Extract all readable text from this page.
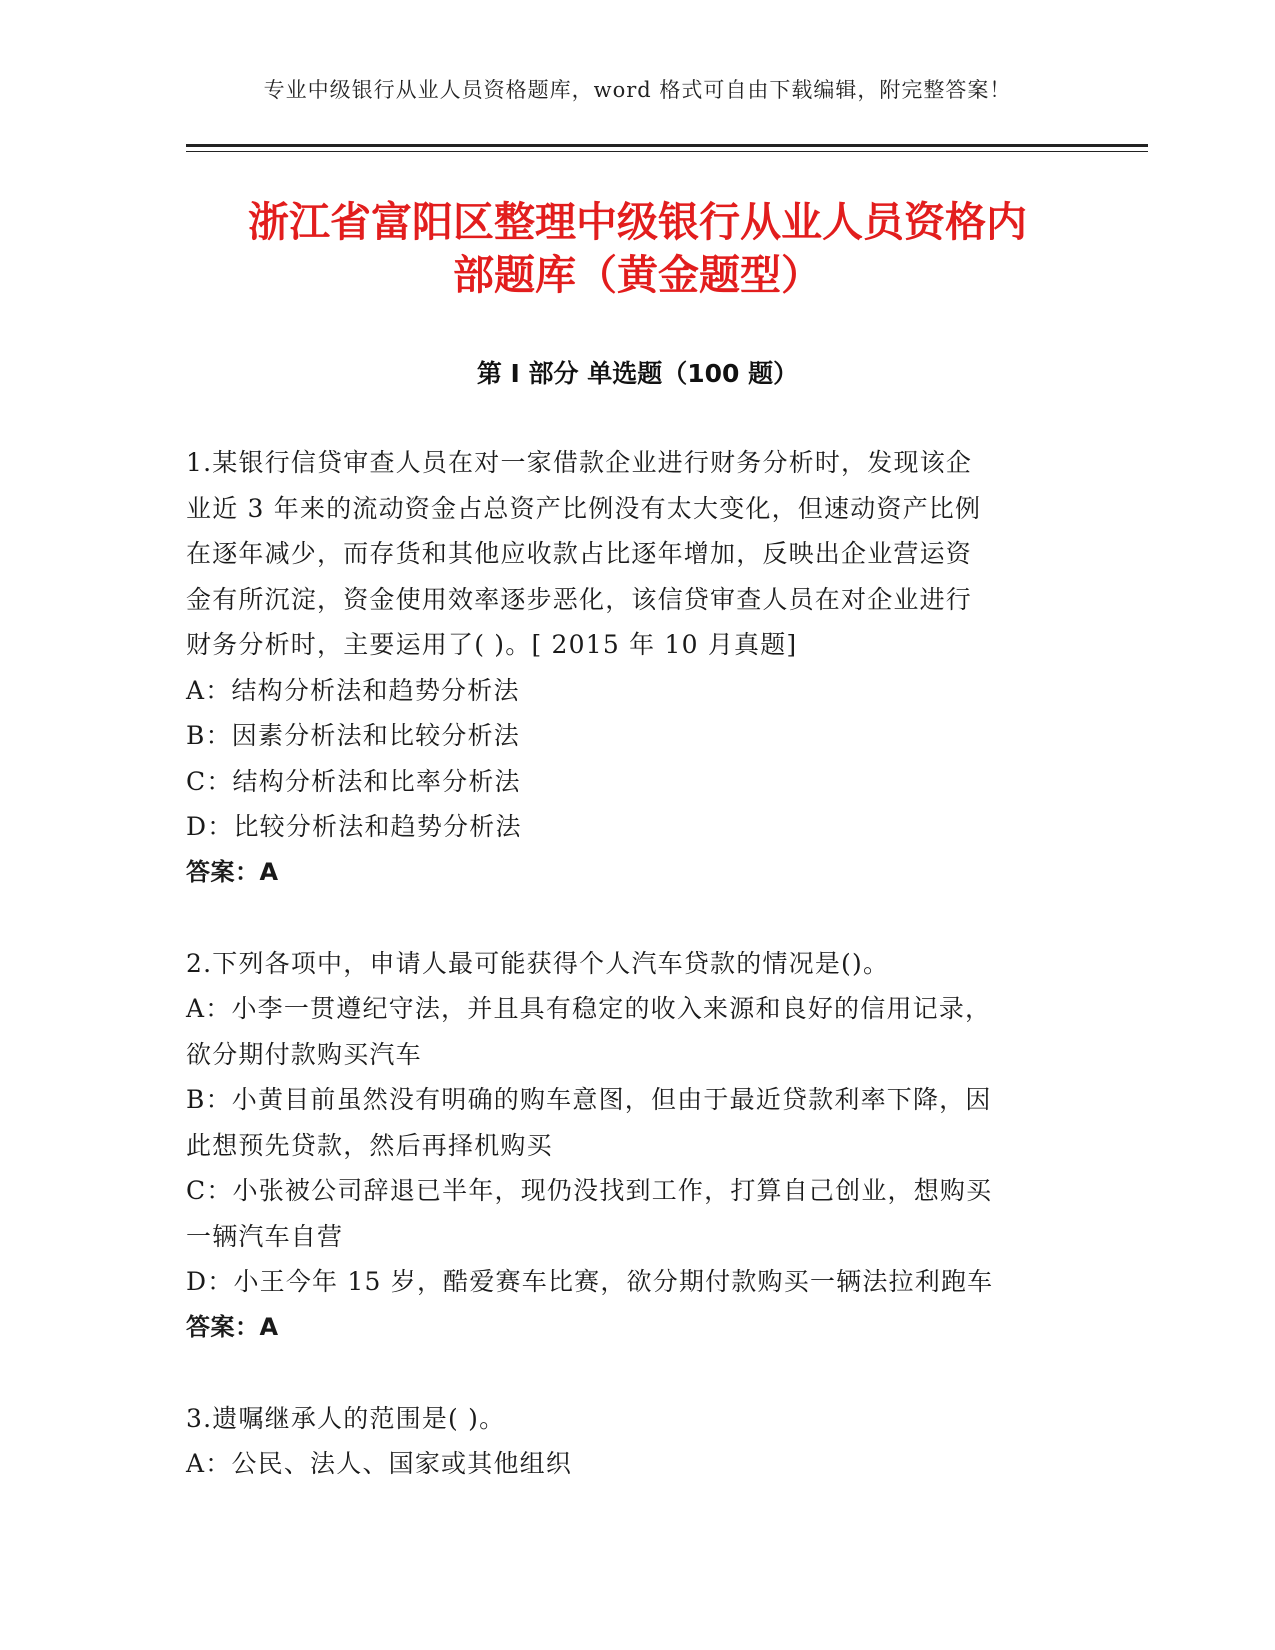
专业中级银行从业人员资格题库，word 格式可自由下载编辑，附完整答案！
浙江省富阳区整理中级银行从业人员资格内
部题库（黄金题型）
第 I 部分 单选题（100 题）
1.某银行信贷审查人员在对一家借款企业进行财务分析时，发现该企
业近 3 年来的流动资金占总资产比例没有太大变化，但速动资产比例
在逐年减少，而存货和其他应收款占比逐年增加，反映出企业营运资
金有所沉淀，资金使用效率逐步恶化，该信贷审查人员在对企业进行
财务分析时，主要运用了( )。[ 2015 年 10 月真题]
A：结构分析法和趋势分析法
B：因素分析法和比较分析法
C：结构分析法和比率分析法
D：比较分析法和趋势分析法
答案：A
2.下列各项中，申请人最可能获得个人汽车贷款的情况是()。
A：小李一贯遵纪守法，并且具有稳定的收入来源和良好的信用记录，
欲分期付款购买汽车
B：小黄目前虽然没有明确的购车意图，但由于最近贷款利率下降，因
此想预先贷款，然后再择机购买
C：小张被公司辞退已半年，现仍没找到工作，打算自己创业，想购买
一辆汽车自营
D：小王今年 15 岁，酷爱赛车比赛，欲分期付款购买一辆法拉利跑车
答案：A
3.遗嘱继承人的范围是( )。
A：公民、法人、国家或其他组织
